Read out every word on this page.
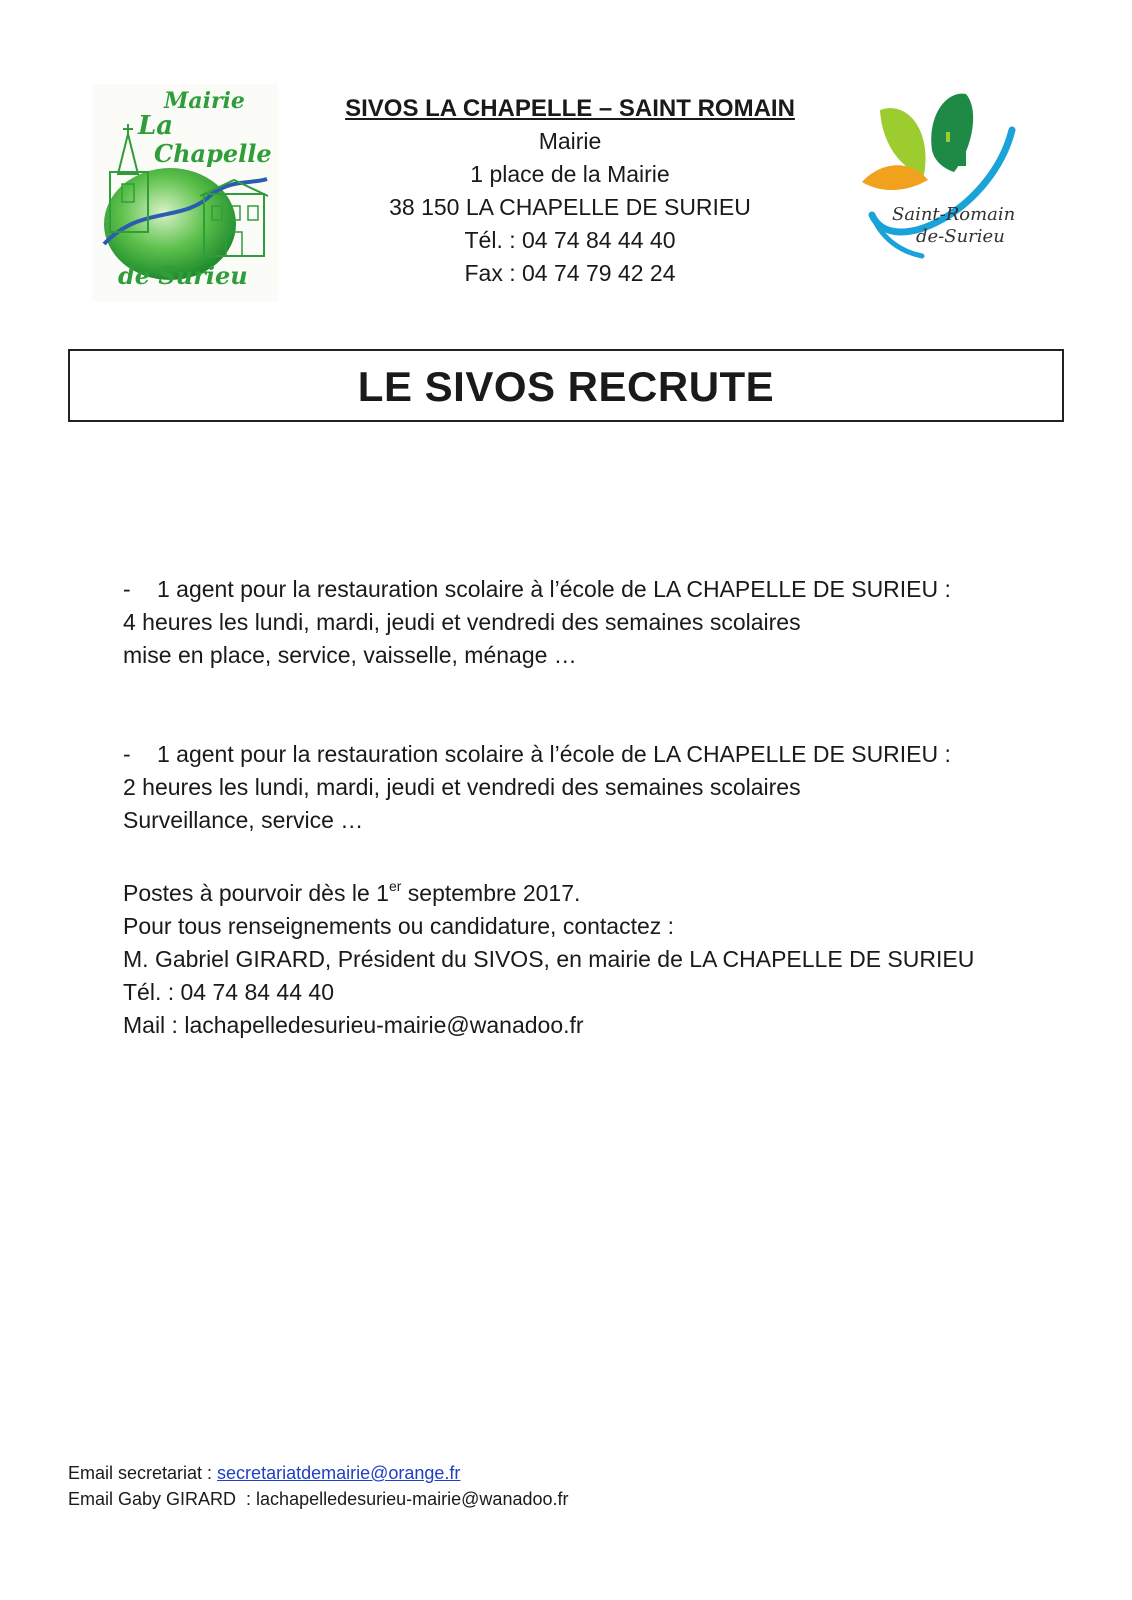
Mairie
La
Chapelle
de Surieu
SIVOS LA CHAPELLE – SAINT ROMAIN
Mairie
1 place de la Mairie
38 150 LA CHAPELLE DE SURIEU
Tél. : 04 74 84 44 40
Fax : 04 74 79 42 24
Saint-Romain
de-Surieu
LE SIVOS RECRUTE

- 1 agent pour la restauration scolaire à l’école de LA CHAPELLE DE SURIEU :

4 heures les lundi, mardi, jeudi et vendredi des semaines scolaires

mise en place, service, vaisselle, ménage …

- 1 agent pour la restauration scolaire à l’école de LA CHAPELLE DE SURIEU :

2 heures les lundi, mardi, jeudi et vendredi des semaines scolaires

Surveillance, service …

Postes à pourvoir dès le 1er septembre 2017.

Pour tous renseignements ou candidature, contactez :

M. Gabriel GIRARD, Président du SIVOS, en mairie de LA CHAPELLE DE SURIEU

Tél. : 04 74 84 44 40

Mail : lachapelledesurieu-mairie@wanadoo.fr

Email secretariat : secretariatdemairie@orange.fr
Email Gaby GIRARD  : lachapelledesurieu-mairie@wanadoo.fr
